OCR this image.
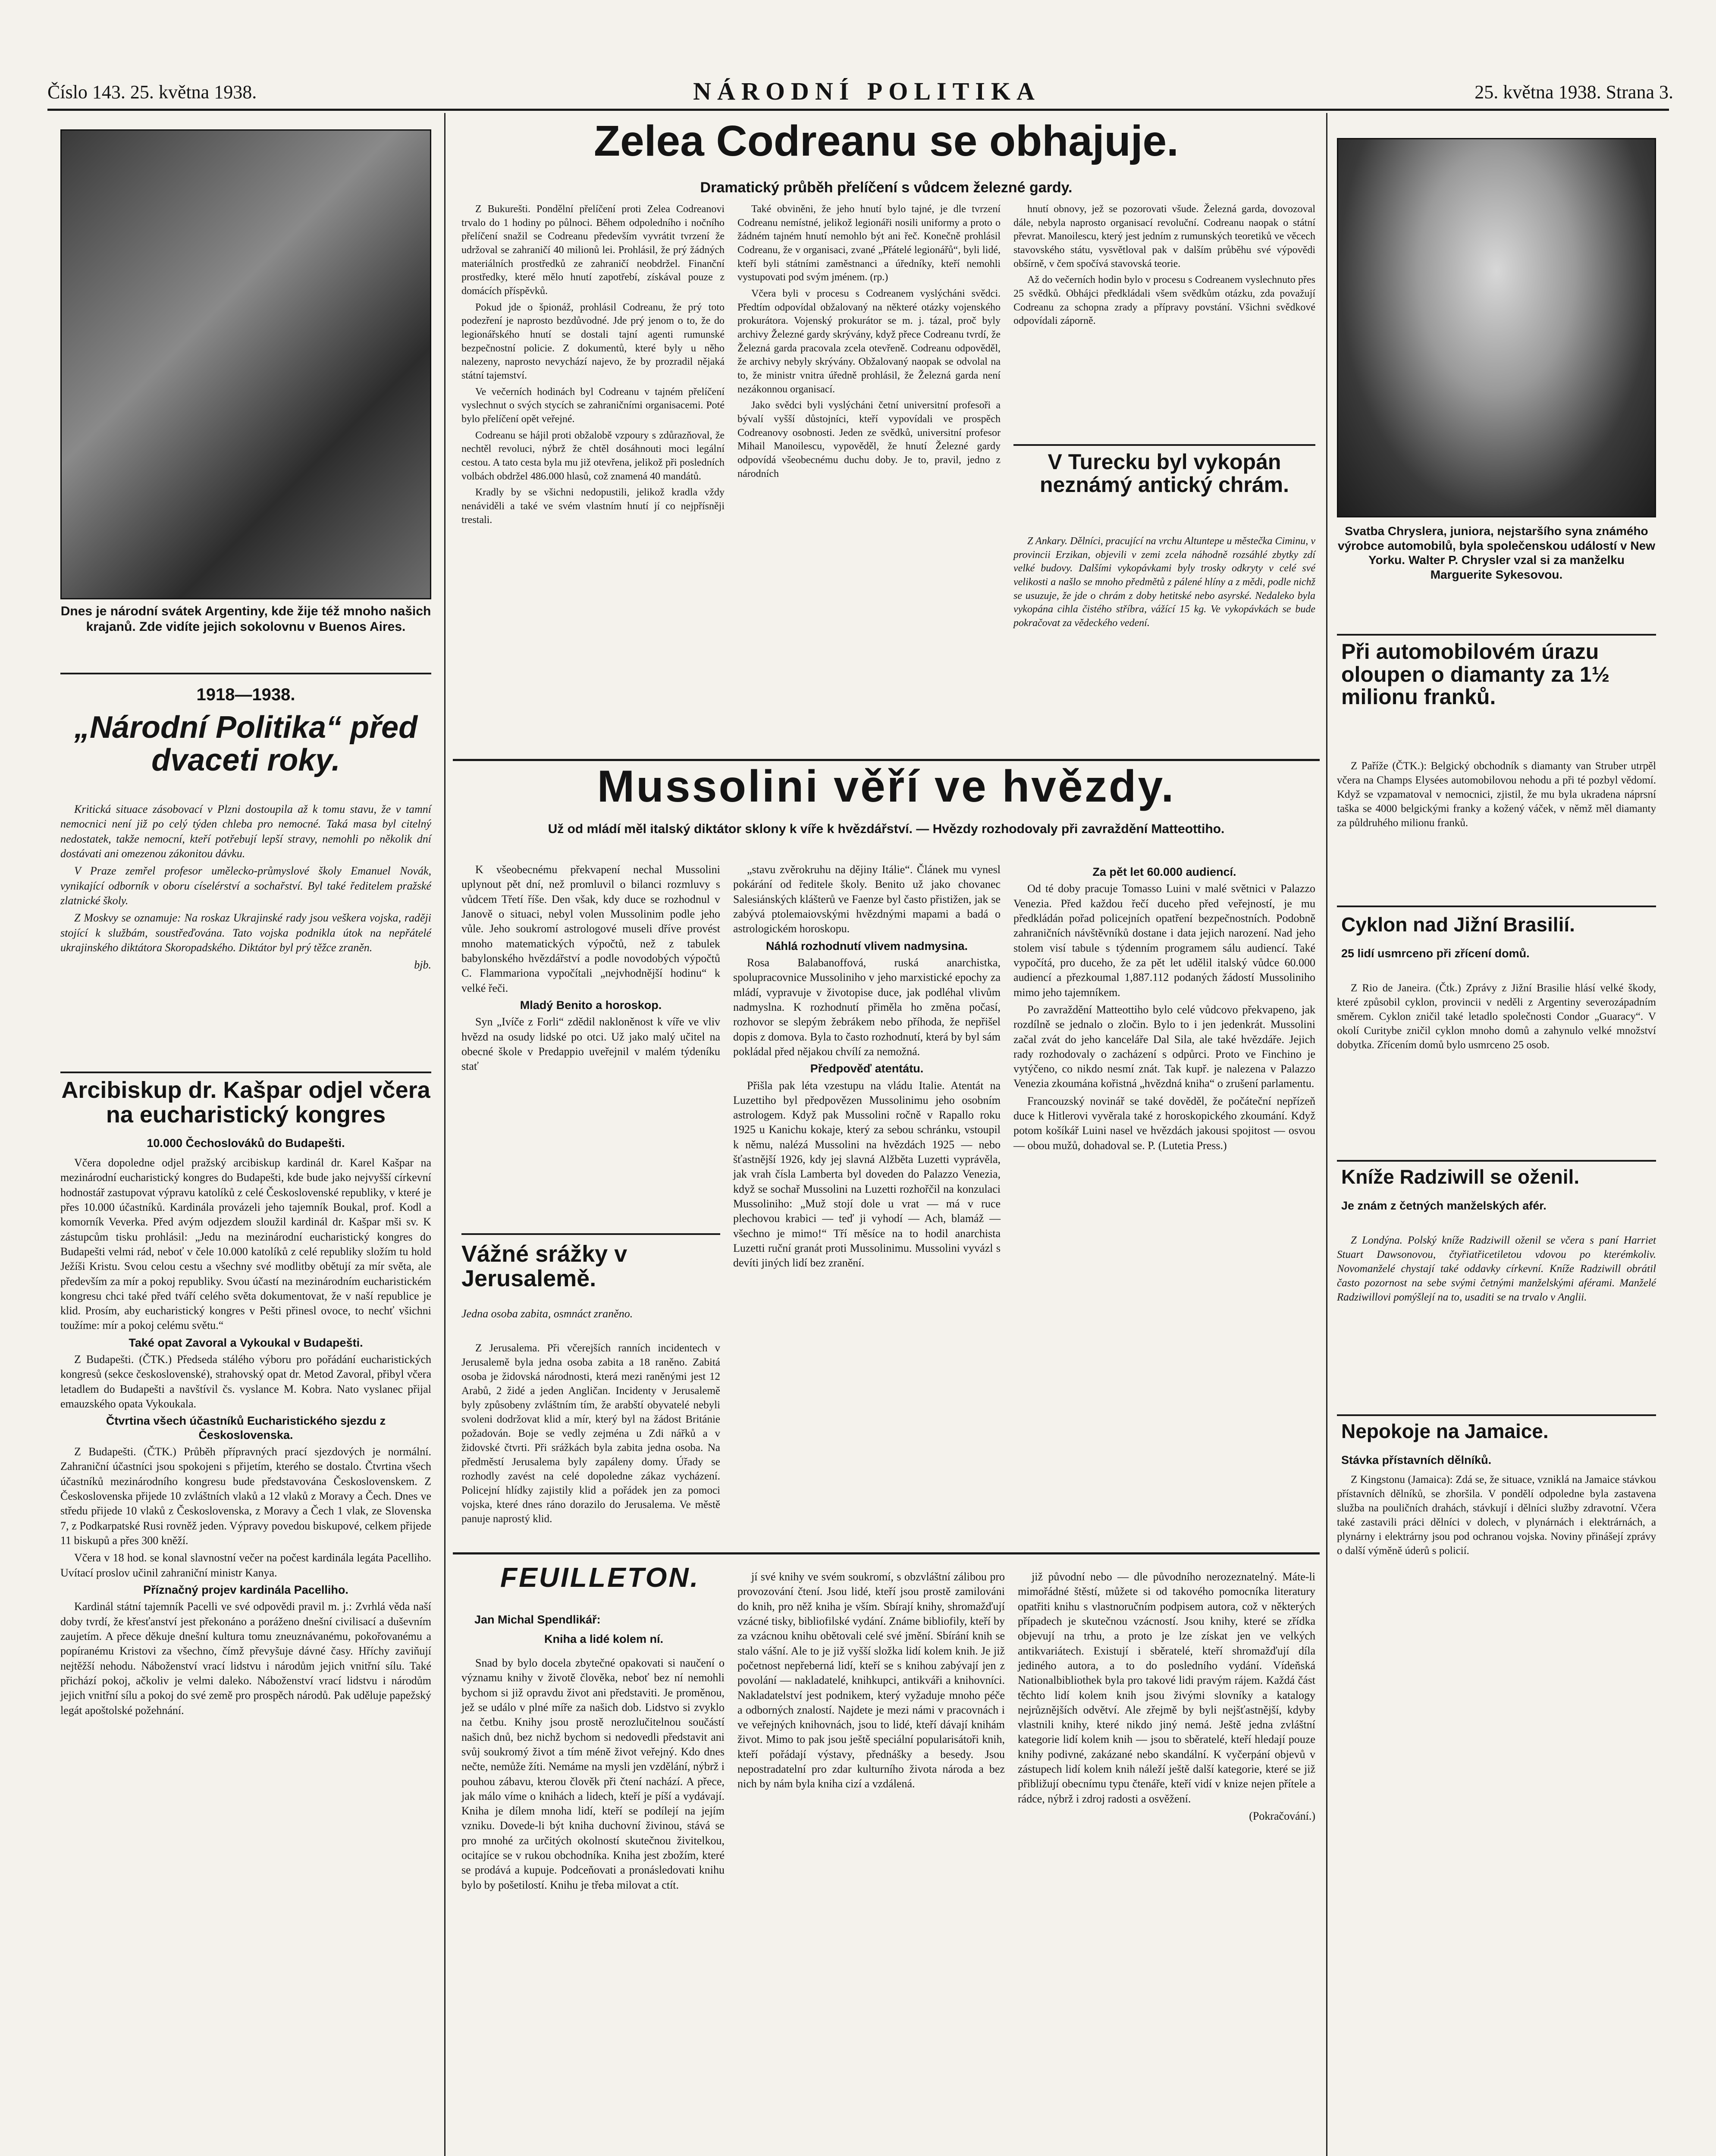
Číslo 143. 25. května 1938.	NÁRODNÍ POLITIKA	25. května 1938. Strana 3.
Dnes je národní svátek Argentiny, kde žije též mnoho našich krajanů. Zde vidíte jejich sokolovnu v Buenos Aires.
1918—1938.
„Národní Politika“ před dvaceti roky.

Kritická situace zásobovací v Plzni dostoupila až k tomu stavu, že v tamní nemocnici není již po celý týden chleba pro nemocné. Taká masa byl citelný nedostatek, takže nemocní, kteří potřebují lepší stravy, nemohli po několik dní dostávati ani omezenou zákonitou dávku.

V Praze zemřel profesor umělecko-průmyslové školy Emanuel Novák, vynikající odborník v oboru císelérství a sochařství. Byl také ředitelem pražské zlatnické školy.

Z Moskvy se oznamuje: Na roskaz Ukrajinské rady jsou veškera vojska, raději stojící k službám, soustřeďována. Tato vojska podnikla útok na nepřátelé ukrajinského diktátora Skoropadského. Diktátor byl prý těžce zraněn.

bjb.
Arcibiskup dr. Kašpar odjel včera na eucharistický kongres
10.000 Čechoslováků do Budapešti.

Včera dopoledne odjel pražský arcibiskup kardinál dr. Karel Kašpar na mezinárodní eucharistický kongres do Budapešti, kde bude jako nejvyšší církevní hodnostář zastupovat výpravu katolíků z celé Československé republiky, v které je přes 10.000 účastníků. Kardinála provázeli jeho tajemník Boukal, prof. Kodl a komorník Veverka. Před avým odjezdem sloužil kardinál dr. Kašpar mši sv. K zástupcům tisku prohlásil: „Jedu na mezinárodní eucharistický kongres do Budapešti velmi rád, neboť v čele 10.000 katolíků z celé republiky složím tu hold Ježíši Kristu. Svou celou cestu a všechny své modlitby obětují za mír světa, ale především za mír a pokoj republiky. Svou účastí na mezinárodním eucharistickém kongresu chci také před tváří celého světa dokumentovat, že v naší republice je klid. Prosím, aby eucharistický kongres v Pešti přinesl ovoce, to nechť všichni toužíme: mír a pokoj celému světu.“

Také opat Zavoral a Vykoukal v Budapešti.

Z Budapešti. (ČTK.) Předseda stálého výboru pro pořádání eucharistických kongresů (sekce československé), strahovský opat dr. Metod Zavoral, přibyl včera letadlem do Budapešti a navštívil čs. vyslance M. Kobra. Nato vyslanec přijal emauzského opata Vykoukala.

Čtvrtina všech účastníků Eucharistického sjezdu z Československa.

Z Budapešti. (ČTK.) Průběh přípravných prací sjezdových je normální. Zahraniční účastníci jsou spokojeni s přijetím, kterého se dostalo. Čtvrtina všech účastníků mezinárodního kongresu bude představována Československem. Z Československa přijede 10 zvláštních vlaků a 12 vlaků z Moravy a Čech. Dnes ve středu přijede 10 vlaků z Československa, z Moravy a Čech 1 vlak, ze Slovenska 7, z Podkarpatské Rusi rovněž jeden. Výpravy povedou biskupové, celkem přijede 11 biskupů a přes 300 kněží.

Včera v 18 hod. se konal slavnostní večer na počest kardinála legáta Pacelliho. Uvítací proslov učinil zahraniční ministr Kanya.

Příznačný projev kardinála Pacelliho.

Kardinál státní tajemník Pacelli ve své odpovědi pravil m. j.: Zvrhlá věda naší doby tvrdí, že křesťanství jest překonáno a poráženo dnešní civilisací a duševním zaujetím. A přece děkuje dnešní kultura tomu zneuznávanému, pokořovanému a popíranému Kristovi za všechno, čímž převyšuje dávné časy. Hříchy zaviňují nejtěžší nehodu. Náboženství vrací lidstvu i národům jejich vnitřní sílu. Také přichází pokoj, ačkoliv je velmi daleko. Náboženství vrací lidstvu i národům jejich vnitřní sílu a pokoj do své země pro prospěch národů. Pak uděluje papežský legát apoštolské požehnání.

Zelea Codreanu se obhajuje.
Dramatický průběh přelíčení s vůdcem železné gardy.

Z Bukurešti. Pondělní přelíčení proti Zelea Codreanovi trvalo do 1 hodiny po půlnoci. Během odpoledního i nočního přelíčení snažil se Codreanu především vyvrátit tvrzení že udržoval se zahraničí 40 milionů lei. Prohlásil, že prý žádných materiálních prostředků ze zahraničí neobdržel. Finanční prostředky, které mělo hnutí zapotřebí, získával pouze z domácích příspěvků.

Pokud jde o špionáž, prohlásil Codreanu, že prý toto podezření je naprosto bezdůvodné. Jde prý jenom o to, že do legionářského hnutí se dostali tajní agenti rumunské bezpečnostní policie. Z dokumentů, které byly u něho nalezeny, naprosto nevychází najevo, že by prozradil nějaká státní tajemství.

Ve večerních hodinách byl Codreanu v tajném přelíčení vyslechnut o svých stycích se zahraničními organisacemi. Poté bylo přelíčení opět veřejné.

Codreanu se hájil proti obžalobě vzpoury s zdůrazňoval, že nechtěl revoluci, nýbrž že chtěl dosáhnouti moci legální cestou. A tato cesta byla mu již otevřena, jelikož při posledních volbách obdržel 486.000 hlasů, což znamená 40 mandátů.

Kradly by se všichni nedopustili, jelikož kradla vždy nenáviděli a také ve svém vlastním hnutí jí co nejpřísněji trestali.

Také obviněni, že jeho hnutí bylo tajné, je dle tvrzení Codreanu nemístné, jelikož legionáři nosili uniformy a proto o žádném tajném hnutí nemohlo být ani řeč. Konečně prohlásil Codreanu, že v organisaci, zvané „Přátelé legionářů“, byli lidé, kteří byli státními zaměstnanci a úředníky, kteří nemohli vystupovati pod svým jménem. (rp.)

Včera byli v procesu s Codreanem vyslýcháni svědci. Předtím odpovídal obžalovaný na některé otázky vojenského prokurátora. Vojenský prokurátor se m. j. tázal, proč byly archivy Železné gardy skrývány, když přece Codreanu tvrdí, že Železná garda pracovala zcela otevřeně. Codreanu odpověděl, že archivy nebyly skrývány. Obžalovaný naopak se odvolal na to, že ministr vnitra úředně prohlásil, že Železná garda není nezákonnou organisací.

Jako svědci byli vyslýcháni četní universitní profesoři a bývalí vyšší důstojníci, kteří vypovídali ve prospěch Codreanovy osobnosti. Jeden ze svědků, universitní profesor Mihail Manoilescu, vypověděl, že hnutí Železné gardy odpovídá všeobecnému duchu doby. Je to, pravil, jedno z národních

hnutí obnovy, jež se pozorovati všude. Železná garda, dovozoval dále, nebyla naprosto organisací revoluční. Codreanu naopak o státní převrat. Manoilescu, který jest jedním z rumunských teoretiků ve věcech stavovského státu, vysvětloval pak v dalším průběhu své výpovědi obšírně, v čem spočívá stavovská teorie.

Až do večerních hodin bylo v procesu s Codreanem vyslechnuto přes 25 svědků. Obhájci předkládali všem svědkům otázku, zda považují Codreanu za schopna zrady a přípravy povstání. Všichni svědkové odpovídali záporně.

V Turecku byl vykopán neznámý antický chrám.

Z Ankary. Dělníci, pracující na vrchu Altuntepe u městečka Ciminu, v provincii Erzikan, objevili v zemi zcela náhodně rozsáhlé zbytky zdí velké budovy. Dalšími vykopávkami byly trosky odkryty v celé své velikosti a našlo se mnoho předmětů z pálené hlíny a z mědi, podle nichž se usuzuje, že jde o chrám z doby hetitské nebo asyrské. Nedaleko byla vykopána cihla čistého stříbra, vážící 15 kg. Ve vykopávkách se bude pokračovat za vědeckého vedení.

Mussolini věří ve hvězdy.
Už od mládí měl italský diktátor sklony k víře k hvězdářství. — Hvězdy rozhodovaly při zavraždění Matteottiho.

K všeobecnému překvapení nechal Mussolini uplynout pět dní, než promluvil o bilanci rozmluvy s vůdcem Třetí říše. Den však, kdy duce se rozhodnul v Janově o situaci, nebyl volen Mussolinim podle jeho vůle. Jeho soukromí astrologové museli dříve provést mnoho matematických výpočtů, než z tabulek babylonského hvězdářství a podle novodobých výpočtů C. Flammariona vypočítali „nejvhodnější hodinu“ k velké řeči.

Mladý Benito a horoskop.

Syn „Ivíče z Forli“ zdědil nakloněnost k víře ve vliv hvězd na osudy lidské po otci. Už jako malý učitel na obecné škole v Predappio uveřejnil v malém týdeníku stať

„stavu zvěrokruhu na dějiny Itálie“. Článek mu vynesl pokárání od ředitele školy. Benito už jako chovanec Salesiánských klášterů ve Faenze byl často přistižen, jak se zabývá ptolemaiovskými hvězdnými mapami a badá o astrologickém horoskopu.

Náhlá rozhodnutí vlivem nadmysina.

Rosa Balabanoffová, ruská anarchistka, spolupracovnice Mussoliniho v jeho marxistické epochy za mládí, vypravuje v životopise duce, jak podléhal vlivům nadmyslna. K rozhodnutí přiměla ho změna počasí, rozhovor se slepým žebrákem nebo příhoda, že nepřišel dopis z domova. Byla to často rozhodnutí, která by byl sám pokládal před nějakou chvílí za nemožná.

Předpověď atentátu.

Přišla pak léta vzestupu na vládu Italie. Atentát na Luzettiho byl předpovězen Mussolinimu jeho osobním astrologem. Když pak Mussolini ročně v Rapallo roku 1925 u Kanichu kokaje, který za sebou schránku, vstoupil k němu, nalézá Mussolini na hvězdách 1925 — nebo šťastnější 1926, kdy jej slavná Alžběta Luzetti vyprávěla, jak vrah čísla Lamberta byl doveden do Palazzo Venezia, když se sochař Mussolini na Luzetti rozhořčil na konzulaci Mussoliniho: „Muž stojí dole u vrat — má v ruce plechovou krabici — teď ji vyhodí — Ach, blamáž — všechno je mimo!“ Tří měsíce na to hodil anarchista Luzetti ruční granát proti Mussolinimu. Mussolini vyvázl s devíti jiných lidí bez zranění.

Za pět let 60.000 audiencí.

Od té doby pracuje Tomasso Luini v malé světnici v Palazzo Venezia. Před každou řečí duceho před veřejností, je mu předkládán pořad policejních opatření bezpečnostních. Podobně zahraničních návštěvníků dostane i data jejich narození. Nad jeho stolem visí tabule s týdenním programem sálu audiencí. Také vypočítá, pro duceho, že za pět let udělil italský vůdce 60.000 audiencí a přezkoumal 1,887.112 podaných žádostí Mussoliniho mimo jeho tajemníkem.

Po zavraždění Matteottiho bylo celé vůdcovo překvapeno, jak rozdílně se jednalo o zločin. Bylo to i jen jedenkrát. Mussolini začal zvát do jeho kanceláře Dal Sila, ale také hvězdáře. Jejich rady rozhodovaly o zacházení s odpůrci. Proto ve Finchino je vytýčeno, co nikdo nesmí znát. Tak kupř. je nalezena v Palazzo Venezia zkoumána kořistná „hvězdná kniha“ o zrušení parlamentu.

Francouzský novinář se také dověděl, že počáteční nepřízeň duce k Hitlerovi vyvěrala také z horoskopického zkoumání. Když potom košíkář Luini nasel ve hvězdách jakousi spojitost — osvou — obou mužů, dohadoval se. P. (Lutetia Press.)

Vážné srážky v Jerusalemě.
Jedna osoba zabita, osmnáct zraněno.

Z Jerusalema. Při včerejších ranních incidentech v Jerusalemě byla jedna osoba zabita a 18 raněno. Zabitá osoba je židovská národnosti, která mezi raněnými jest 12 Arabů, 2 židé a jeden Angličan. Incidenty v Jerusalemě byly způsobeny zvláštním tím, že arabští obyvatelé nebyli svoleni dodržovat klid a mír, který byl na žádost Británie požadován. Boje se vedly zejména u Zdi nářků a v židovské čtvrti. Při srážkách byla zabita jedna osoba. Na předměstí Jerusalema byly zapáleny domy. Úřady se rozhodly zavést na celé dopoledne zákaz vycházení. Policejní hlídky zajistily klid a pořádek jen za pomoci vojska, které dnes ráno dorazilo do Jerusalema. Ve městě panuje naprostý klid.

FEUILLETON.
Jan Michal Spendlikář:
Kniha a lidé kolem ní.

Snad by bylo docela zbytečné opakovati si naučení o významu knihy v životě člověka, neboť bez ní nemohli bychom si již opravdu život ani představiti. Je proměnou, jež se událo v plné míře za našich dob. Lidstvo si zvyklo na četbu. Knihy jsou prostě nerozlučitelnou součástí našich dnů, bez nichž bychom si nedovedli představit ani svůj soukromý život a tím méně život veřejný. Kdo dnes nečte, nemůže žíti. Nemáme na mysli jen vzdělání, nýbrž i pouhou zábavu, kterou člověk při čtení nachází. A přece, jak málo víme o knihách a lidech, kteří je píší a vydávají. Kniha je dílem mnoha lidí, kteří se podílejí na jejím vzniku. Dovede-li být kniha duchovní živinou, stává se pro mnohé za určitých okolností skutečnou živitelkou, ocitajíce se v rukou obchodníka. Kniha jest zbožím, které se prodává a kupuje. Podceňovati a pronásledovati knihu bylo by pošetilostí. Knihu je třeba milovat a ctít.

jí své knihy ve svém soukromí, s obzvláštní zálibou pro provozování čtení. Jsou lidé, kteří jsou prostě zamilováni do knih, pro něž kniha je vším. Sbírají knihy, shromažďují vzácné tisky, bibliofilské vydání. Známe bibliofily, kteří by za vzácnou knihu obětovali celé své jmění. Sbírání knih se stalo vášní. Ale to je již vyšší složka lidí kolem knih. Je již početnost nepřeberná lidí, kteří se s knihou zabývají jen z povolání — nakladatelé, knihkupci, antikváři a knihovníci. Nakladatelství jest podnikem, který vyžaduje mnoho péče a odborných znalostí. Najdete je mezi námi v pracovnách i ve veřejných knihovnách, jsou to lidé, kteří dávají knihám život. Mimo to pak jsou ještě speciální popularisátoři knih, kteří pořádají výstavy, přednášky a besedy. Jsou nepostradatelní pro zdar kulturního života národa a bez nich by nám byla kniha cizí a vzdálená.

již původní nebo — dle původního nerozeznatelný. Máte-li mimořádné štěstí, můžete si od takového pomocníka literatury opatřiti knihu s vlastnoručním podpisem autora, což v některých případech je skutečnou vzácností. Jsou knihy, které se zřídka objevují na trhu, a proto je lze získat jen ve velkých antikvariátech. Existují i sběratelé, kteří shromažďují díla jediného autora, a to do posledního vydání. Vídeňská Nationalbibliothek byla pro takové lidi pravým rájem. Každá část těchto lidí kolem knih jsou živými slovníky a katalogy nejrůznějších odvětví. Ale zřejmě by byli nejšťastnější, kdyby vlastnili knihy, které nikdo jiný nemá. Ještě jedna zvláštní kategorie lidí kolem knih — jsou to sběratelé, kteří hledají pouze knihy podivné, zakázané nebo skandální. K vyčerpání objevů v zástupech lidí kolem knih náleží ještě další kategorie, které se již přibližují obecnímu typu čtenáře, kteří vidí v knize nejen přítele a rádce, nýbrž i zdroj radosti a osvěžení.

(Pokračování.)
Svatba Chryslera, juniora, nejstaršího syna známého výrobce automobilů, byla společenskou událostí v New Yorku. Walter P. Chrysler vzal si za manželku Marguerite Sykesovou.
Při automobilovém úrazu oloupen o diamanty za 1½ milionu franků.

Z Paříže (ČTK.): Belgický obchodník s diamanty van Struber utrpěl včera na Champs Elysées automobilovou nehodu a při té pozbyl vědomí. Když se vzpamatoval v nemocnici, zjistil, že mu byla ukradena náprsní taška se 4000 belgickými franky a kožený váček, v němž měl diamanty za půldruhého milionu franků.

Cyklon nad Jižní Brasilií.
25 lidí usmrceno při zřícení domů.

Z Rio de Janeira. (Čtk.) Zprávy z Jižní Brasilie hlásí velké škody, které způsobil cyklon, provincii v neděli z Argentiny severozápadním směrem. Cyklon zničil také letadlo společnosti Condor „Guaracy“. V okolí Curitybe zničil cyklon mnoho domů a zahynulo velké množství dobytka. Zřícením domů bylo usmrceno 25 osob.

Kníže Radziwill se oženil.
Je znám z četných manželských afér.

Z Londýna. Polský kníže Radziwill oženil se včera s paní Harriet Stuart Dawsonovou, čtyřiatřicetiletou vdovou po kterémkoliv. Novomanželé chystají také oddavky církevní. Kníže Radziwill obrátil často pozornost na sebe svými četnými manželskými aférami. Manželé Radziwillovi pomýšlejí na to, usaditi se na trvalo v Anglii.

Nepokoje na Jamaice.
Stávka přístavních dělníků.

Z Kingstonu (Jamaica): Zdá se, že situace, vzniklá na Jamaice stávkou přístavních dělníků, se zhoršila. V pondělí odpoledne byla zastavena služba na pouličních drahách, stávkují i dělníci služby zdravotní. Včera také zastavili práci dělníci v dolech, v plynárnách i elektrárnách, a plynárny i elektrárny jsou pod ochranou vojska. Noviny přinášejí zprávy o další výměně úderů s policií.
